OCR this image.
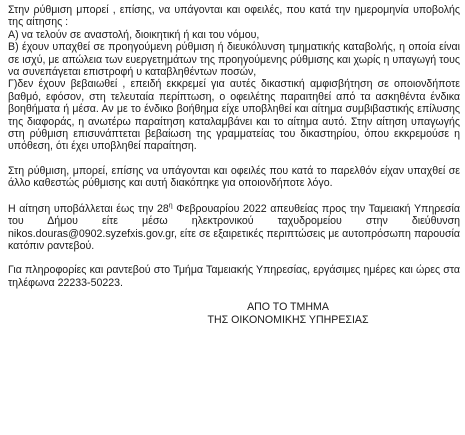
Στην ρύθμιση μπορεί , επίσης, να υπάγονται και οφειλές, που κατά την ημερομηνία υποβολής της αίτησης :

Α) να τελούν σε αναστολή, διοικητική ή και του νόμου,

Β) έχουν υπαχθεί σε προηγούμενη ρύθμιση ή διευκόλυνση τμηματικής καταβολής, η οποία είναι σε ισχύ, με απώλεια των ευεργετημάτων της προηγούμενης ρύθμισης και χωρίς η υπαγωγή τους να συνεπάγεται επιστροφή υ καταβληθέντων ποσών,

Γ)δεν έχουν βεβαιωθεί , επειδή εκκρεμεί για αυτές δικαστική αμφισβήτηση σε οποιονδήποτε βαθμό, εφόσον, στη τελευταία περίπτωση, ο οφειλέτης παραιτηθεί από τα ασκηθέντα ένδικα βοηθήματα ή μέσα. Αν με το ένδικο βοήθημα είχε υποβληθεί και αίτημα συμβιβαστικής επίλυσης της διαφοράς, η ανωτέρω παραίτηση καταλαμβάνει και το αίτημα αυτό. Στην αίτηση υπαγωγής στη ρύθμιση επισυνάπτεται βεβαίωση της γραμματείας του δικαστηρίου, όπου εκκρεμούσε η υπόθεση, ότι έχει υποβληθεί παραίτηση.

Στη ρύθμιση, μπορεί, επίσης να υπάγονται και οφειλές που κατά το παρελθόν είχαν υπαχθεί σε άλλο καθεστώς ρύθμισης και αυτή διακόπηκε για οποιονδήποτε λόγο.

Η αίτηση υποβάλλεται έως την $28^\eta$ Φεβρουαρίου 2022 απευθείας προς την Ταμειακή Υπηρεσία του Δήμου είτε μέσω ηλεκτρονικού ταχυδρομείου στην διεύθυνση nikos.douras@0902.syzefxis.gov.gr, είτε σε εξαιρετικές περιπτώσεις με αυτοπρόσωπη παρουσία κατόπιν ραντεβού.

Για πληροφορίες και ραντεβού στο Τμήμα Ταμειακής Υπηρεσίας, εργάσιμες ημέρες και ώρες στα τηλέφωνα 22233-50223.

ΑΠΟ ΤΟ ΤΜΗΜΑ
ΤΗΣ ΟΙΚΟΝΟΜΙΚΗΣ ΥΠΗΡΕΣΙΑΣ
